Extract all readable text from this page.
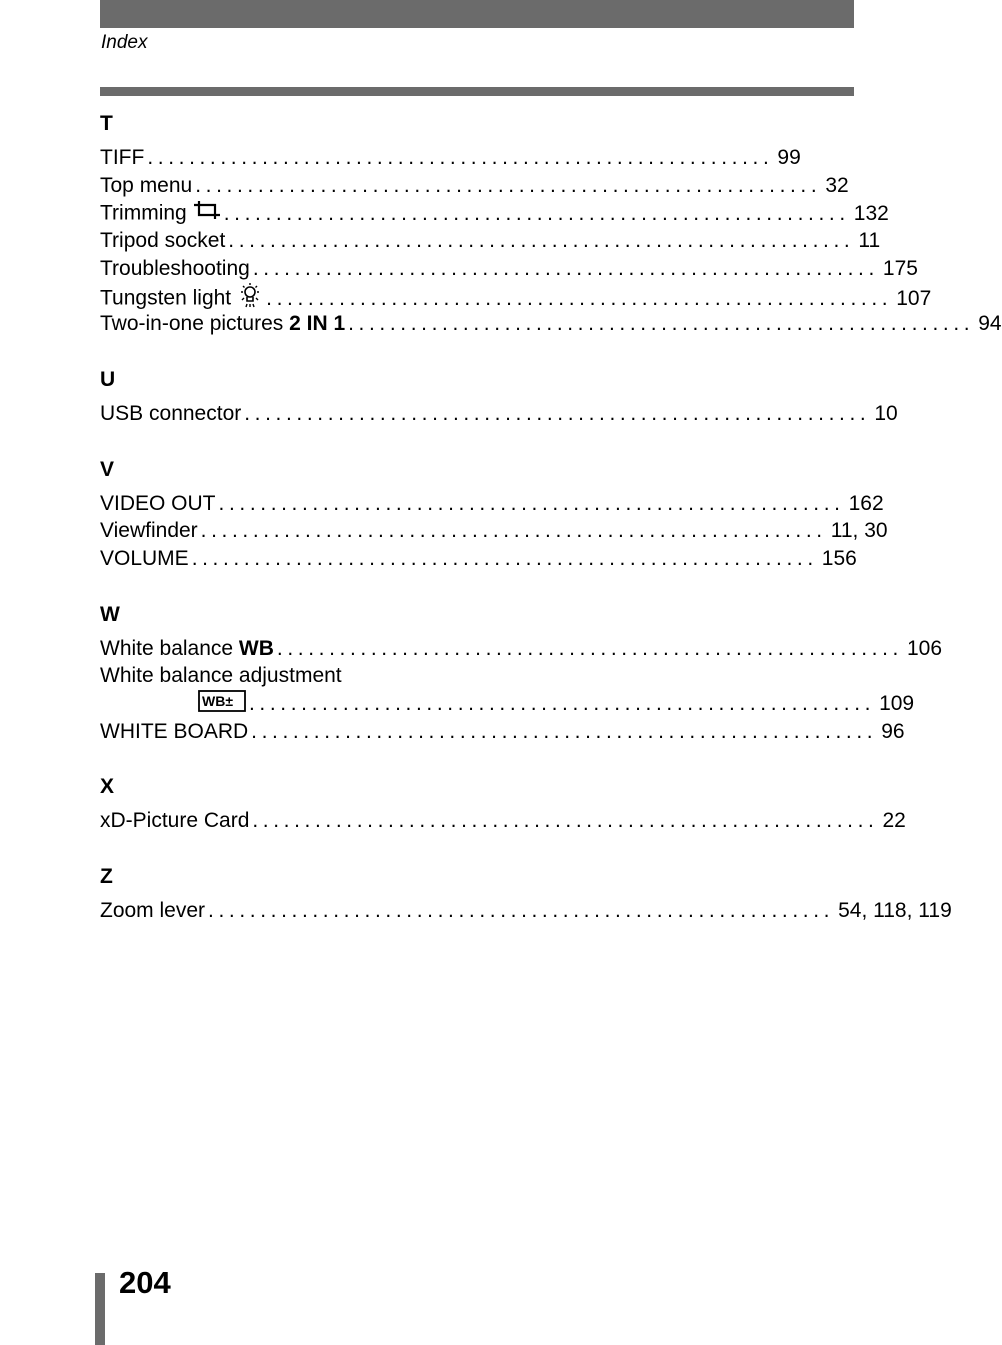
Index
T
TIFF ............................................................ 99
Top menu ............................................................ 32
Trimming	............................................................ 132
Tripod socket ............................................................ 11
Troubleshooting ............................................................ 175
Tungsten light	............................................................ 107
Two-in-one pictures 2 IN 1 ............................................................ 94
U
USB connector ............................................................ 10
V
VIDEO OUT ............................................................ 162
Viewfinder ............................................................ 11, 30
VOLUME ............................................................ 156
W
White balance WB ............................................................ 106
White balance adjustment
WB± ............................................................ 109
WHITE BOARD ............................................................ 96
X
xD-Picture Card ............................................................ 22
Z
Zoom lever ............................................................ 54, 118, 119
204
